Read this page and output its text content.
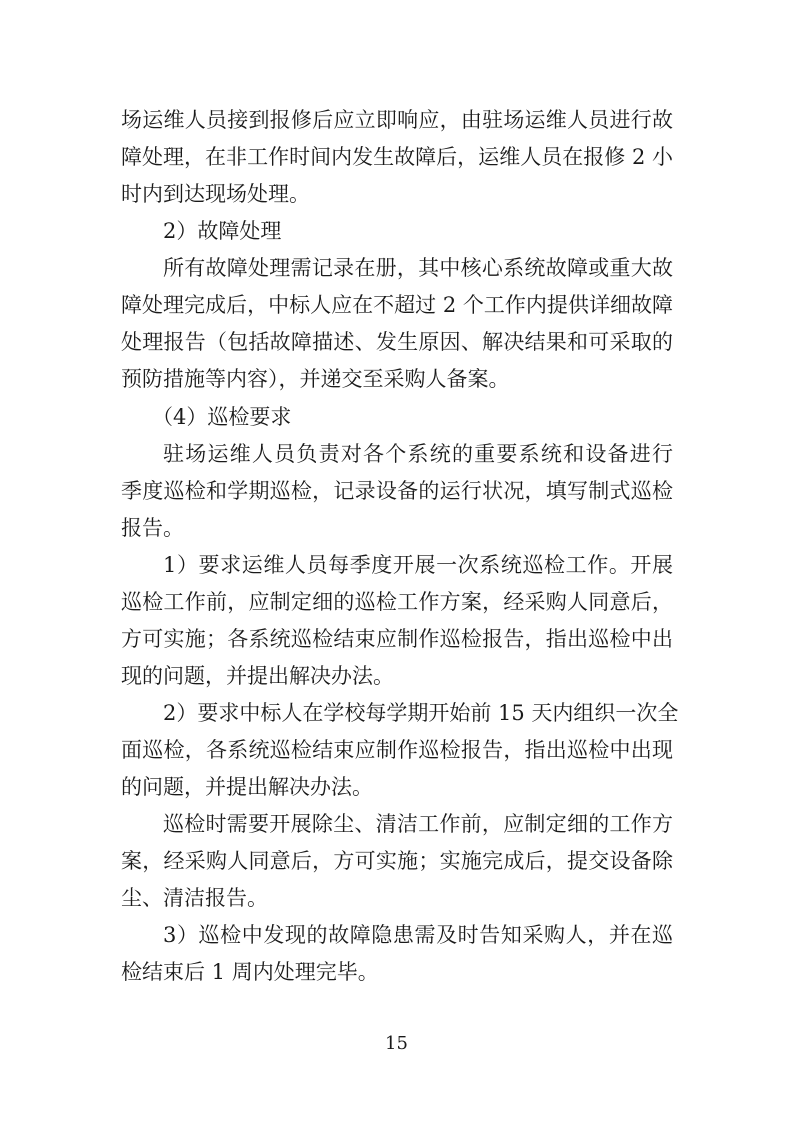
场运维人员接到报修后应立即响应，由驻场运维人员进行故

障处理，在非工作时间内发生故障后，运维人员在报修 2 小

时内到达现场处理。

2）故障处理

所有故障处理需记录在册，其中核心系统故障或重大故

障处理完成后，中标人应在不超过 2 个工作内提供详细故障

处理报告（包括故障描述、发生原因、解决结果和可采取的

预防措施等内容），并递交至采购人备案。

（4）巡检要求

驻场运维人员负责对各个系统的重要系统和设备进行

季度巡检和学期巡检，记录设备的运行状况，填写制式巡检

报告。

1）要求运维人员每季度开展一次系统巡检工作。开展

巡检工作前，应制定细的巡检工作方案，经采购人同意后，

方可实施；各系统巡检结束应制作巡检报告，指出巡检中出

现的问题，并提出解决办法。

2）要求中标人在学校每学期开始前 15 天内组织一次全

面巡检，各系统巡检结束应制作巡检报告，指出巡检中出现

的问题，并提出解决办法。

巡检时需要开展除尘、清洁工作前，应制定细的工作方

案，经采购人同意后，方可实施；实施完成后，提交设备除

尘、清洁报告。

3）巡检中发现的故障隐患需及时告知采购人，并在巡

检结束后 1 周内处理完毕。

15
